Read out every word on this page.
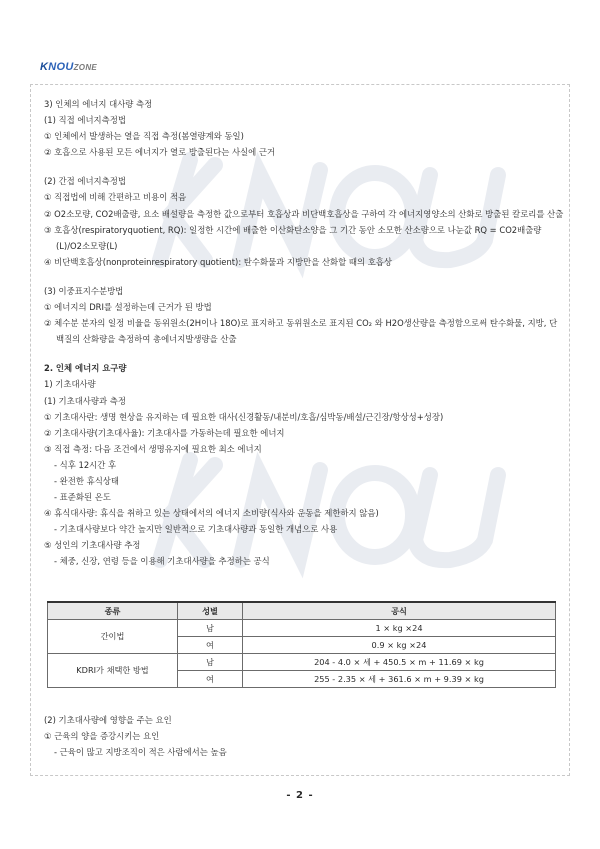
KNOUZONE
3) 인체의 에너지 대사량 측정
(1) 직접 에너지측정법
① 인체에서 발생하는 열을 직접 측정(봄열량계와 동일)
② 호흡으로 사용된 모든 에너지가 열로 방출된다는 사실에 근거
(2) 간접 에너지측정법
① 직접법에 비해 간편하고 비용이 적음
② O2소모량, CO2배출량, 요소 배설량을 측정한 값으로부터 호흡상과 비단백호흡상을 구하여 각 에너지영양소의 산화로 방출된 칼로리를 산출
③ 호흡상(respiratoryquotient, RQ): 일정한 시간에 배출한 이산화탄소양을 그 기간 동안 소모한 산소량으로 나눈값 RQ = CO2배출량(L)/O2소모량(L)
④ 비단백호흡상(nonproteinrespiratory quotient): 탄수화물과 지방만을 산화할 때의 호흡상
(3) 이중표지수분방법
① 에너지의 DRI를 설정하는데 근거가 된 방법
② 체수분 분자의 일정 비율을 동위원소(2H이나 18O)로 표지하고 동위원소로 표지된 CO₂ 와 H2O생산량을 측정함으로써 탄수화물, 지방, 단백질의 산화량을 측정하여 총에너지발생량을 산출
2. 인체 에너지 요구량
1) 기초대사량
(1) 기초대사량과 측정
① 기초대사란: 생명 현상을 유지하는 데 필요한 대사(신경활동/내분비/호흡/심박동/배설/근긴장/항상성+성장)
② 기초대사량(기초대사율): 기초대사를 가동하는데 필요한 에너지
③ 직접 측정: 다음 조건에서 생명유지에 필요한 최소 에너지
- 식후 12시간 후
- 완전한 휴식상태
- 표준화된 온도
④ 휴식대사량: 휴식을 취하고 있는 상태에서의 에너지 소비량(식사와 운동을 제한하지 않음)
- 기초대사량보다 약간 높지만 일반적으로 기초대사량과 동일한 개념으로 사용
⑤ 성인의 기초대사량 추정
- 체중, 신장, 연령 등을 이용해 기초대사량을 추정하는 공식
종류	성별	공식
간이법	남	1 × kg ×24
	여	0.9 × kg ×24
KDRI가 채택한 방법	남	204 - 4.0 × 세 + 450.5 × m + 11.69 × kg
	여	255 - 2.35 × 세 + 361.6 × m + 9.39 × kg
(2) 기초대사량에 영향을 주는 요인
① 근육의 양을 증강시키는 요인
- 근육이 많고 지방조직이 적은 사람에서는 높음
- 2 -
